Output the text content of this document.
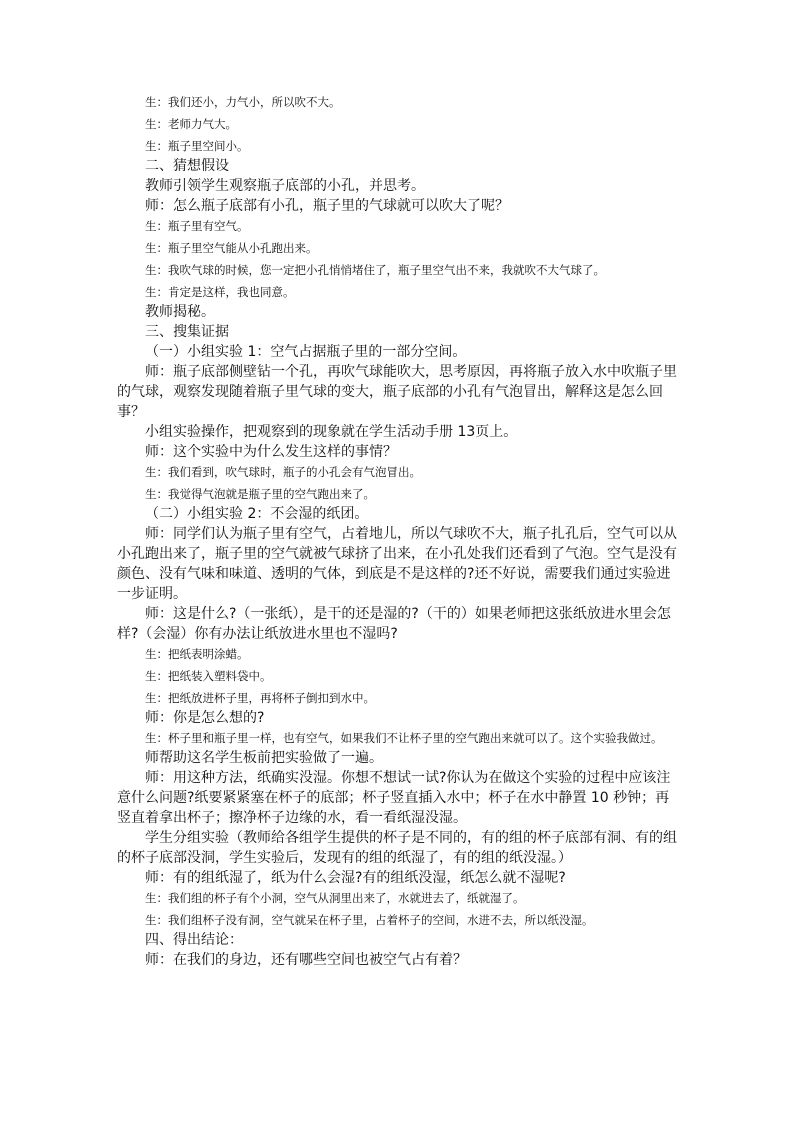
生：我们还小，力气小，所以吹不大。

生：老师力气大。

生：瓶子里空间小。

二、猜想假设

教师引领学生观察瓶子底部的小孔，并思考。

师：怎么瓶子底部有小孔，瓶子里的气球就可以吹大了呢？

生：瓶子里有空气。

生：瓶子里空气能从小孔跑出来。

生：我吹气球的时候，您一定把小孔悄悄堵住了，瓶子里空气出不来，我就吹不大气球了。

生：肯定是这样，我也同意。

教师揭秘。

三、搜集证据

（一）小组实验 1：空气占据瓶子里的一部分空间。

师：瓶子底部侧壁钻一个孔，再吹气球能吹大，思考原因，再将瓶子放入水中吹瓶子里的气球，观察发现随着瓶子里气球的变大，瓶子底部的小孔有气泡冒出，解释这是怎么回事？

小组实验操作，把观察到的现象就在学生活动手册 13页上。

师：这个实验中为什么发生这样的事情？

生：我们看到，吹气球时，瓶子的小孔会有气泡冒出。

生：我觉得气泡就是瓶子里的空气跑出来了。

（二）小组实验 2：不会湿的纸团。

师：同学们认为瓶子里有空气，占着地儿，所以气球吹不大，瓶子扎孔后，空气可以从小孔跑出来了，瓶子里的空气就被气球挤了出来，在小孔处我们还看到了气泡。空气是没有颜色、没有气味和味道、透明的气体，到底是不是这样的?还不好说，需要我们通过实验进一步证明。

师：这是什么?（一张纸），是干的还是湿的?（干的）如果老师把这张纸放进水里会怎样?（会湿）你有办法让纸放进水里也不湿吗?

生：把纸表明涂蜡。

生：把纸装入塑料袋中。

生：把纸放进杯子里，再将杯子倒扣到水中。

师：你是怎么想的?

生：杯子里和瓶子里一样，也有空气，如果我们不让杯子里的空气跑出来就可以了。这个实验我做过。

师帮助这名学生板前把实验做了一遍。

师：用这种方法，纸确实没湿。你想不想试一试?你认为在做这个实验的过程中应该注意什么问题?纸要紧紧塞在杯子的底部；杯子竖直插入水中；杯子在水中静置 10 秒钟；再竖直着拿出杯子；擦净杯子边缘的水，看一看纸湿没湿。

学生分组实验（教师给各组学生提供的杯子是不同的，有的组的杯子底部有洞、有的组的杯子底部没洞，学生实验后，发现有的组的纸湿了，有的组的纸没湿。）

师：有的组纸湿了，纸为什么会湿?有的组纸没湿，纸怎么就不湿呢?

生：我们组的杯子有个小洞，空气从洞里出来了，水就进去了，纸就湿了。

生：我们组杯子没有洞，空气就呆在杯子里，占着杯子的空间，水进不去，所以纸没湿。

四、得出结论：

师：在我们的身边，还有哪些空间也被空气占有着？
